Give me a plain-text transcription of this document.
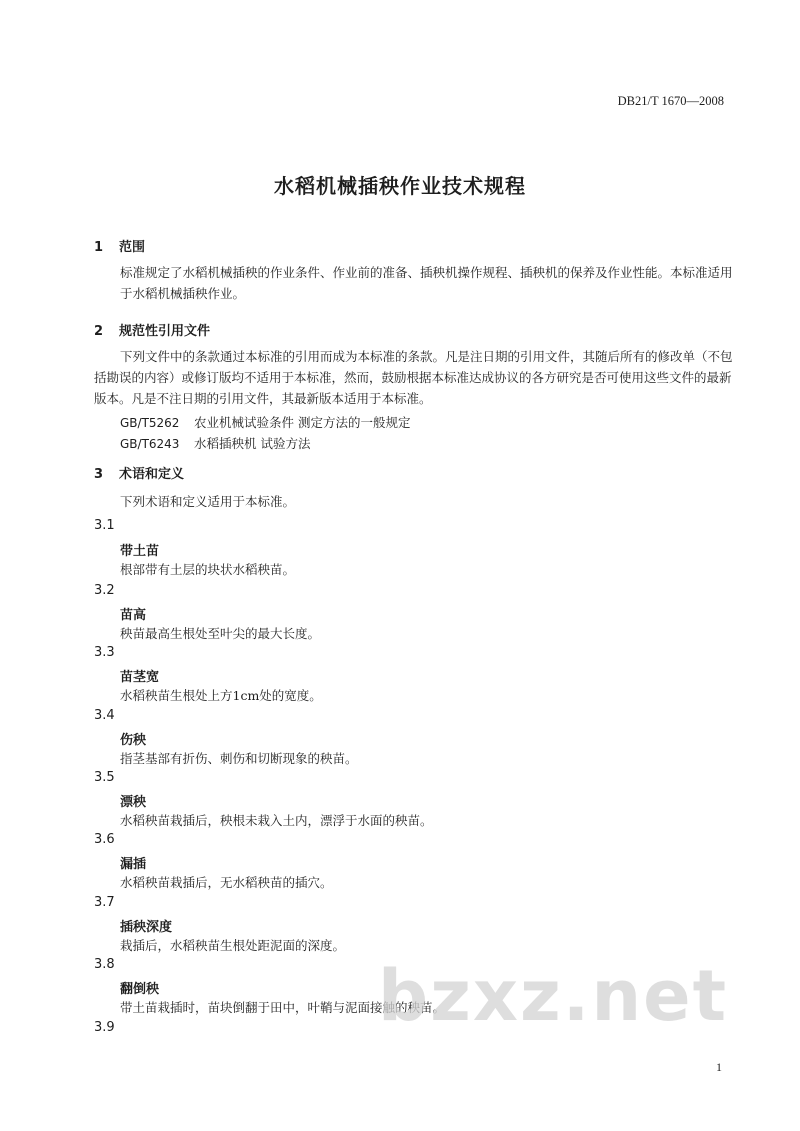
DB21/T 1670—2008
水稻机械插秧作业技术规程
1 范围
标准规定了水稻机械插秧的作业条件、作业前的准备、插秧机操作规程、插秧机的保养及作业性能。本标准适用于水稻机械插秧作业。
2 规范性引用文件
下列文件中的条款通过本标准的引用而成为本标准的条款。凡是注日期的引用文件，其随后所有的修改单（不包括勘误的内容）或修订版均不适用于本标准，然而，鼓励根据本标准达成协议的各方研究是否可使用这些文件的最新版本。凡是不注日期的引用文件，其最新版本适用于本标准。
GB/T5262 农业机械试验条件 测定方法的一般规定
GB/T6243 水稻插秧机 试验方法
3 术语和定义
下列术语和定义适用于本标准。
3.1
带土苗
根部带有土层的块状水稻秧苗。
3.2
苗高
秧苗最高生根处至叶尖的最大长度。
3.3
苗茎宽
水稻秧苗生根处上方1cm处的宽度。
3.4
伤秧
指茎基部有折伤、刺伤和切断现象的秧苗。
3.5
漂秧
水稻秧苗栽插后，秧根未栽入土内，漂浮于水面的秧苗。
3.6
漏插
水稻秧苗栽插后，无水稻秧苗的插穴。
3.7
插秧深度
栽插后，水稻秧苗生根处距泥面的深度。
3.8
翻倒秧
带土苗栽插时，苗块倒翻于田中，叶鞘与泥面接触的秧苗。
3.9	bzxz.net
1
